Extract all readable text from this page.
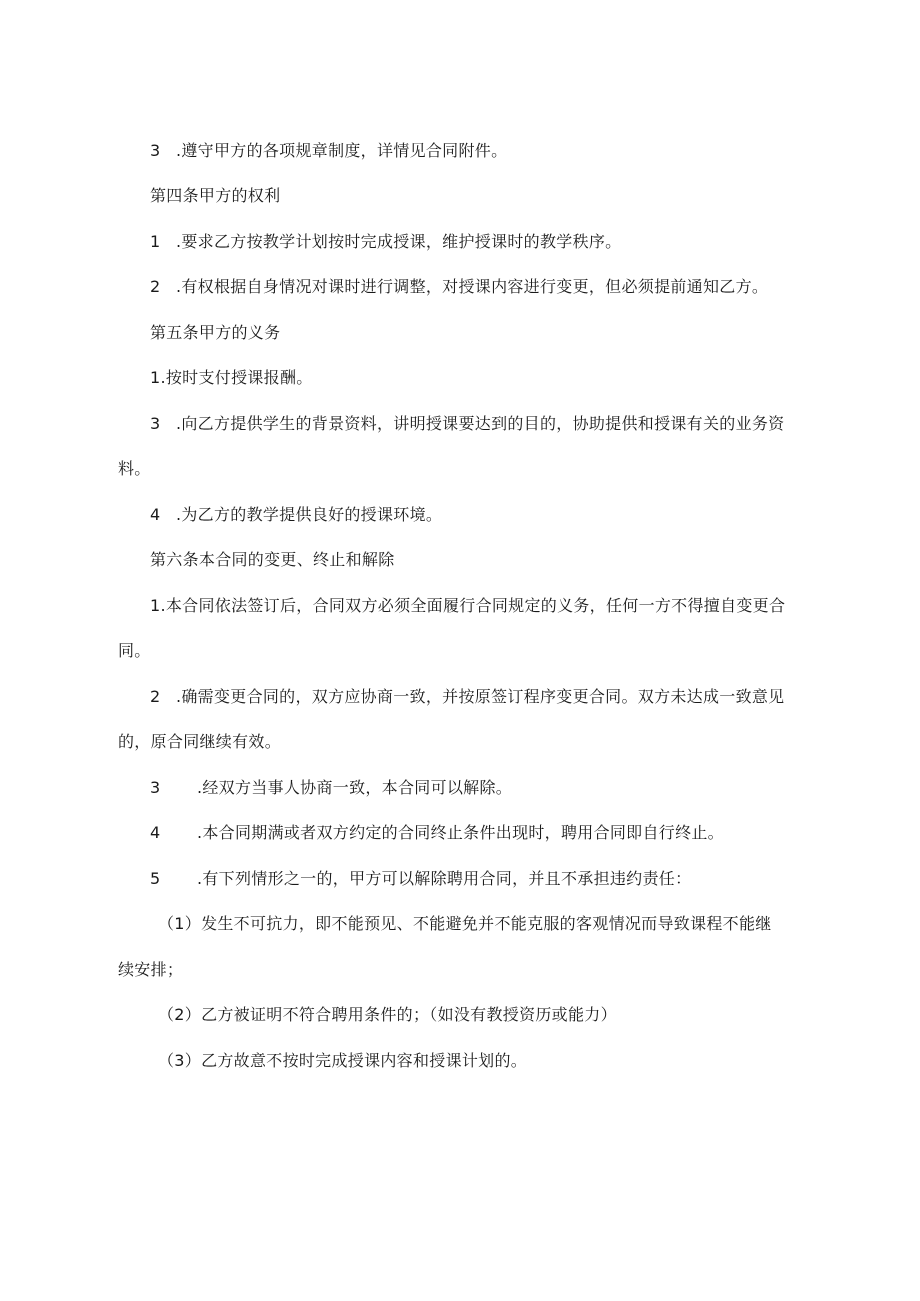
3 .遵守甲方的各项规章制度，详情见合同附件。
第四条甲方的权利
1 .要求乙方按教学计划按时完成授课，维护授课时的教学秩序。
2 .有权根据自身情况对课时进行调整，对授课内容进行变更，但必须提前通知乙方。
第五条甲方的义务
1.按时支付授课报酬。
3 .向乙方提供学生的背景资料，讲明授课要达到的目的，协助提供和授课有关的业务资
料。
4 .为乙方的教学提供良好的授课环境。
第六条本合同的变更、终止和解除
1.本合同依法签订后，合同双方必须全面履行合同规定的义务，任何一方不得擅自变更合
同。
2 .确需变更合同的，双方应协商一致，并按原签订程序变更合同。双方未达成一致意见
的，原合同继续有效。
3 .经双方当事人协商一致，本合同可以解除。
4 .本合同期满或者双方约定的合同终止条件出现时，聘用合同即自行终止。
5 .有下列情形之一的，甲方可以解除聘用合同，并且不承担违约责任：
（1）发生不可抗力，即不能预见、不能避免并不能克服的客观情况而导致课程不能继
续安排；
（2）乙方被证明不符合聘用条件的；（如没有教授资历或能力）
（3）乙方故意不按时完成授课内容和授课计划的。
